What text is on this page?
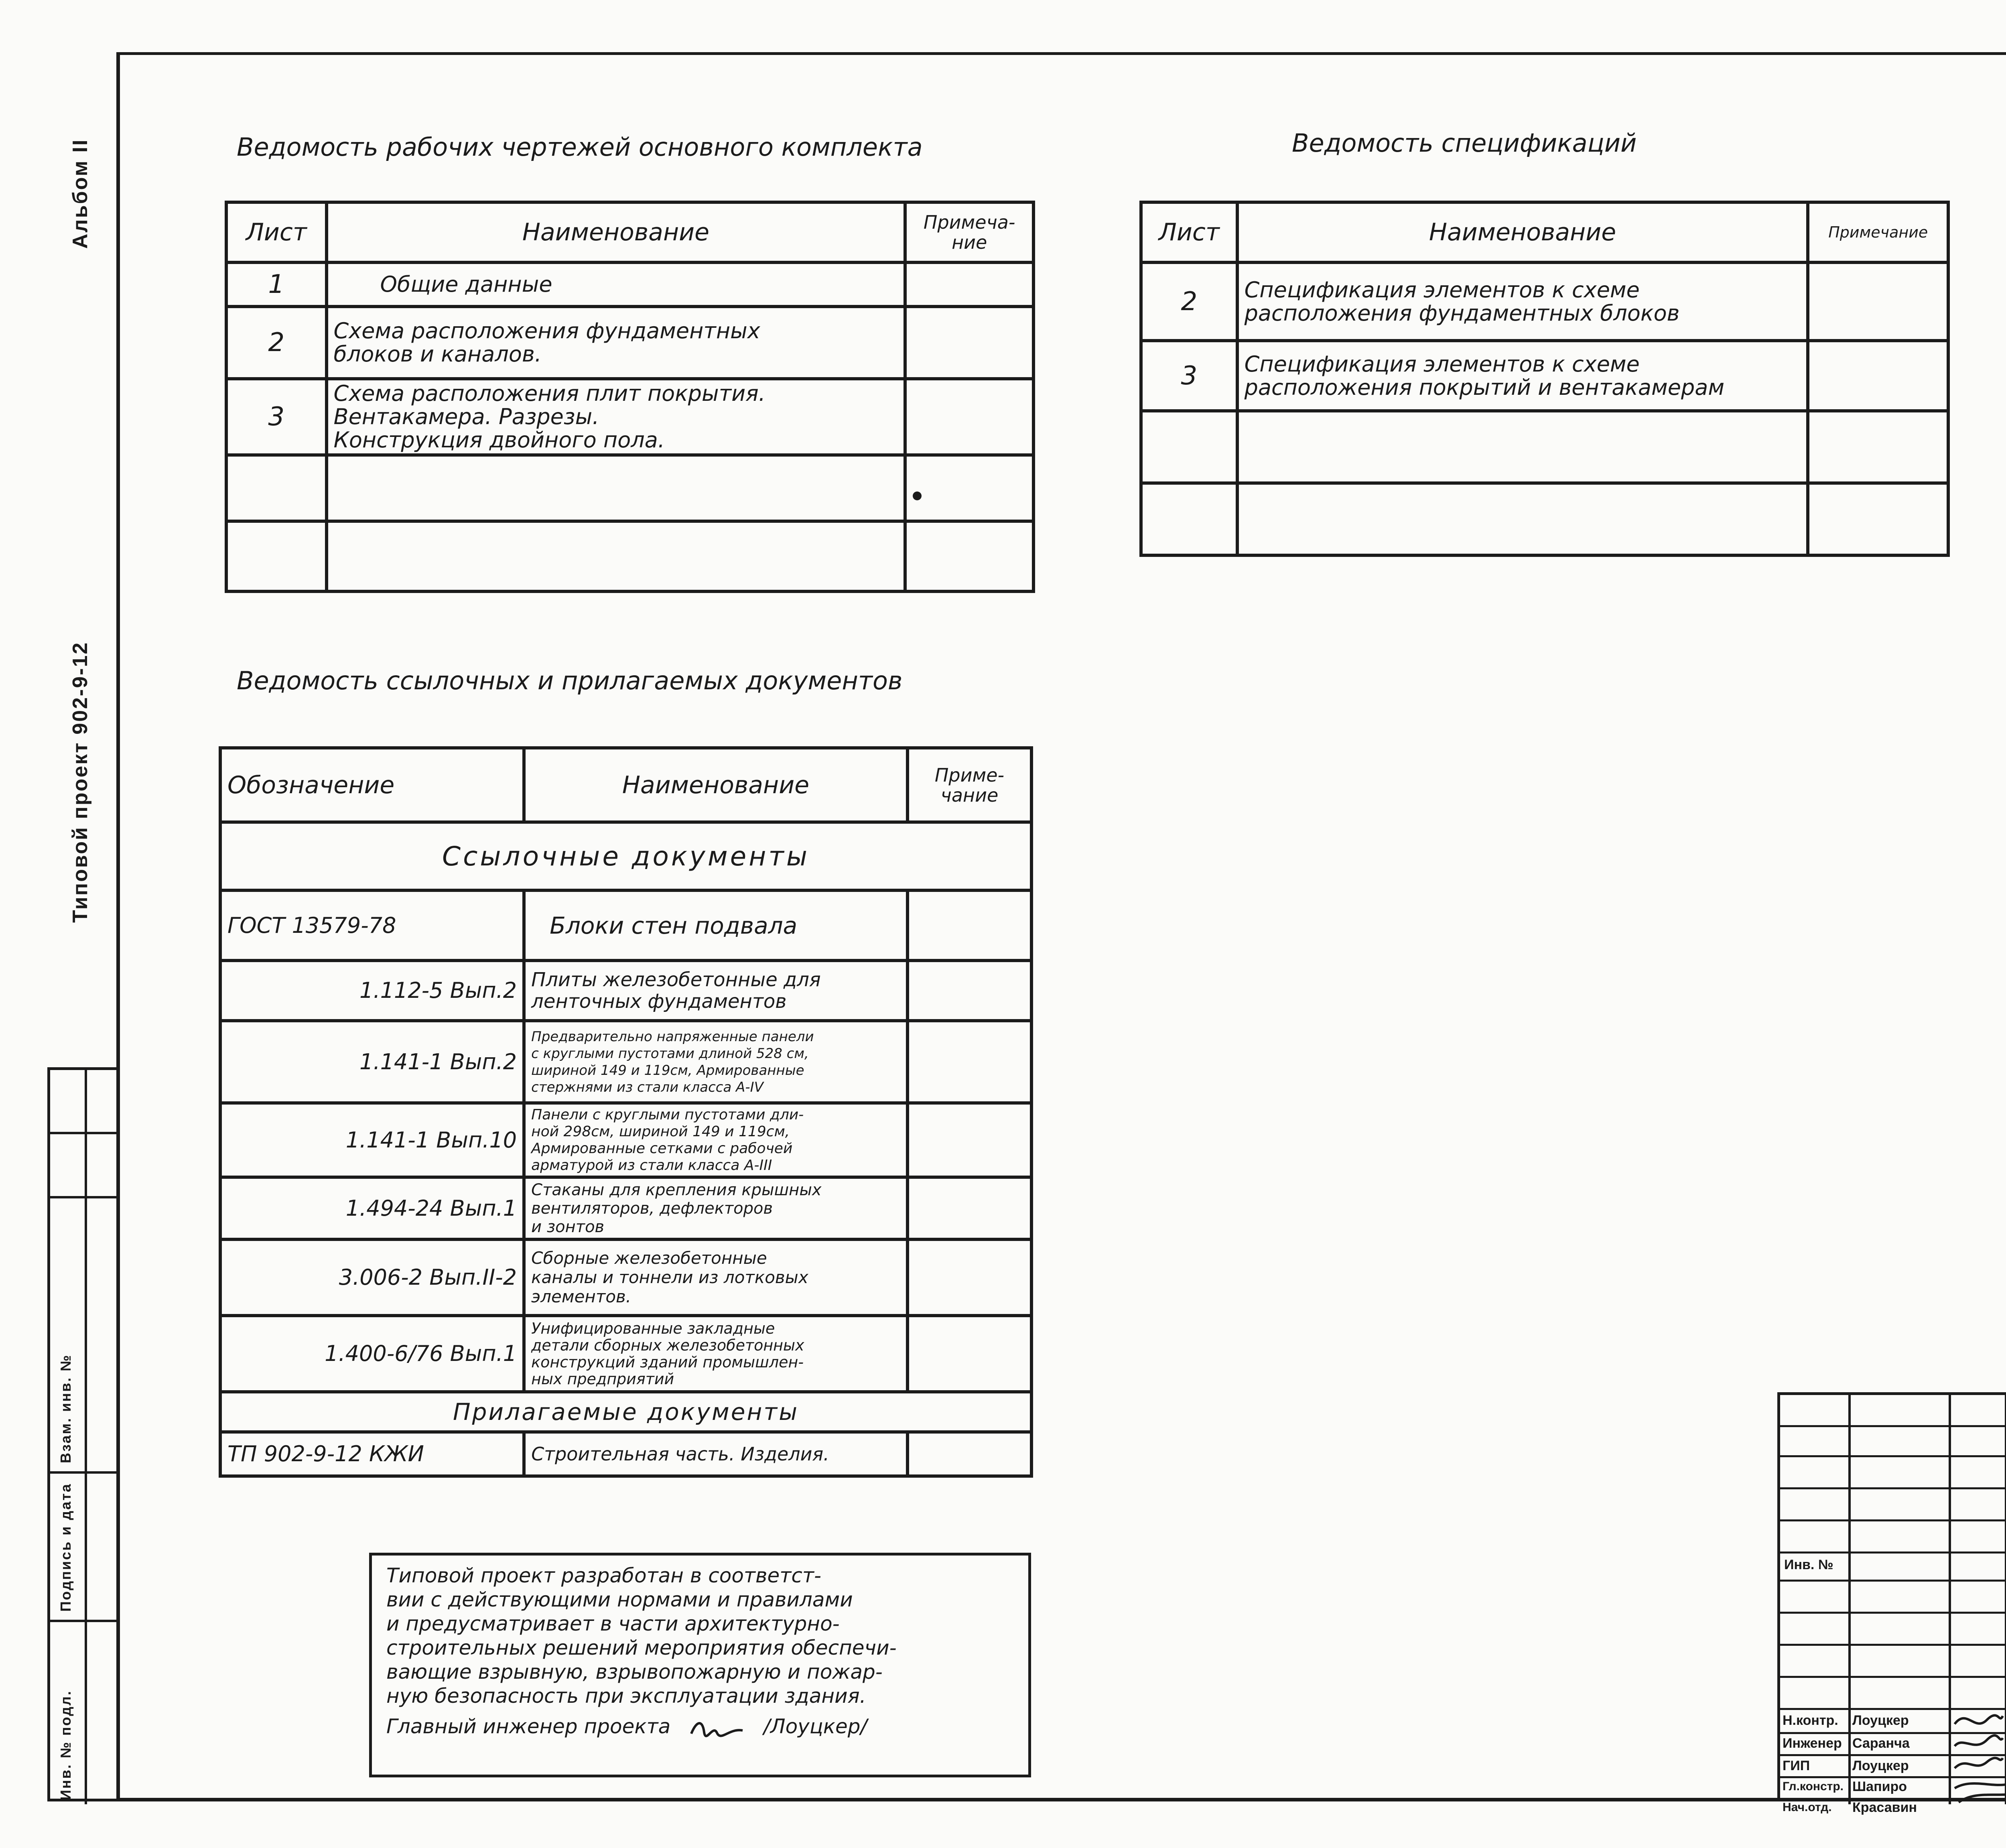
Альбом II
Типовой проект 902-9-12
Инв. № подл.
Подпись и дата
Взам. инв. №
Ведомость рабочих чертежей основного комплекта
Лист	Наименование	Примеча-
ние
1	Общие данные	
2	Схема расположения фундаментных
блоков и каналов.	
3	Схема расположения плит покрытия.
Вентакамера. Разрезы.
Конструкция двойного пола.	

Ведомость спецификаций
Лист	Наименование	Примечание
2	Спецификация элементов к схеме
расположения фундаментных блоков	
3	Спецификация элементов к схеме
расположения покрытий и вентакамерам	

Ведомость ссылочных и прилагаемых документов
Обозначение	Наименование	Приме-
чание
Ссылочные документы		
ГОСТ 13579-78	Блоки стен подвала	
1.112-5 Вып.2	Плиты железобетонные для
ленточных фундаментов	
1.141-1 Вып.2	Предварительно напряженные панели
с круглыми пустотами длиной 528 см,
шириной 149 и 119см, Армированные
стержнями из стали класса А-IV	
1.141-1 Вып.10	Панели с круглыми пустотами дли-
ной 298см, шириной 149 и 119см,
Армированные сетками с рабочей
арматурой из стали класса А-III	
1.494-24 Вып.1	Стаканы для крепления крышных
вентиляторов, дефлекторов
и зонтов	
3.006-2 Вып.II-2	Сборные железобетонные
каналы и тоннели из лотковых
элементов.	
1.400-6/76 Вып.1	Унифицированные закладные
детали сборных железобетонных
конструкций зданий промышлен-
ных предприятий	
Прилагаемые документы		
ТП 902-9-12 КЖИ	Строительная часть. Изделия.	
Типовой проект разработан в соответст-
вии с действующими нормами и правилами
и предусматривает в части архитектурно-
строительных решений мероприятия обеспечи-
вающие взрывную, взрывопожарную и пожар-
ную безопасность при эксплуатации здания.
Главный инженер проекта	/Лоуцкер/
Инв. №
Н.контр. Лоуцкер
Инженер Саранча
ГИП	Лоуцкер
Гл.констр. Шапиро
Нач.отд. Красавин
